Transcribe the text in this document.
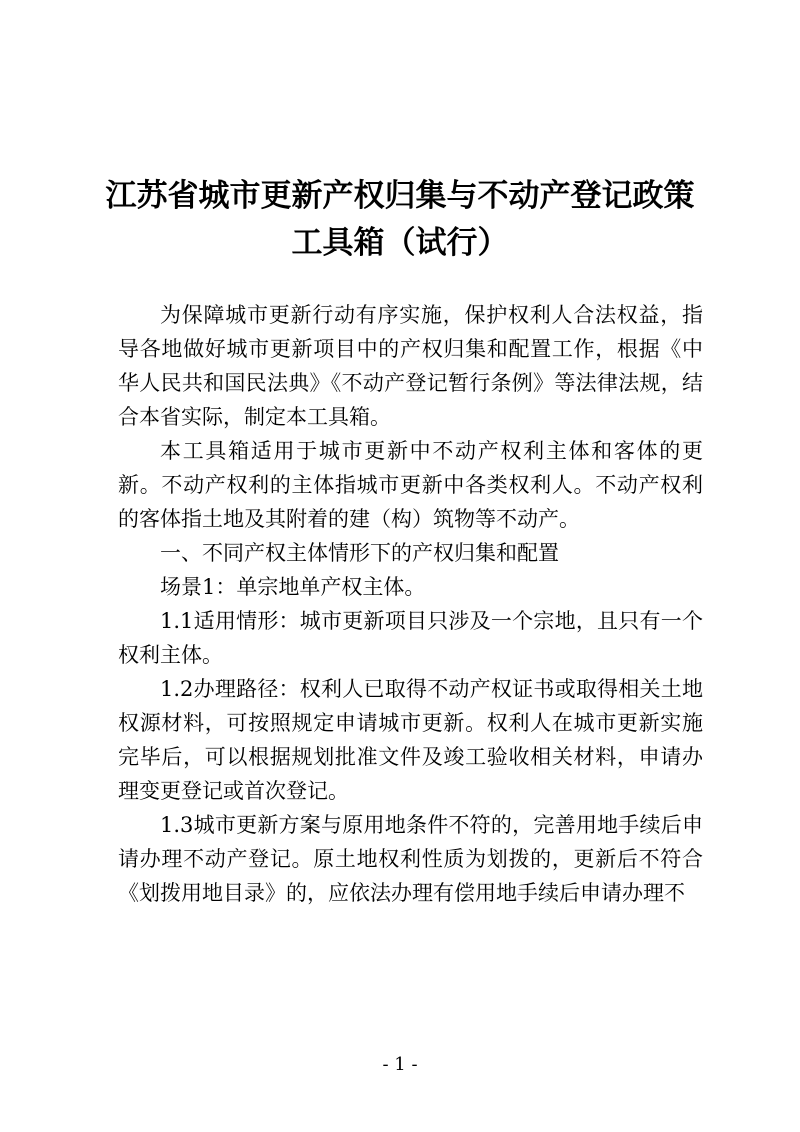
江苏省城市更新产权归集与不动产登记政策
工具箱（试行）

为保障城市更新行动有序实施，保护权利人合法权益，指导各地做好城市更新项目中的产权归集和配置工作，根据《中华人民共和国民法典》《不动产登记暂行条例》等法律法规，结合本省实际，制定本工具箱。

本工具箱适用于城市更新中不动产权利主体和客体的更新。不动产权利的主体指城市更新中各类权利人。不动产权利的客体指土地及其附着的建（构）筑物等不动产。

一、不同产权主体情形下的产权归集和配置

场景1：单宗地单产权主体。

1.1适用情形：城市更新项目只涉及一个宗地，且只有一个权利主体。

1.2办理路径：权利人已取得不动产权证书或取得相关土地权源材料，可按照规定申请城市更新。权利人在城市更新实施完毕后，可以根据规划批准文件及竣工验收相关材料，申请办理变更登记或首次登记。

1.3城市更新方案与原用地条件不符的，完善用地手续后申请办理不动产登记。原土地权利性质为划拨的，更新后不符合《划拨用地目录》的，应依法办理有偿用地手续后申请办理不

- 1 -
